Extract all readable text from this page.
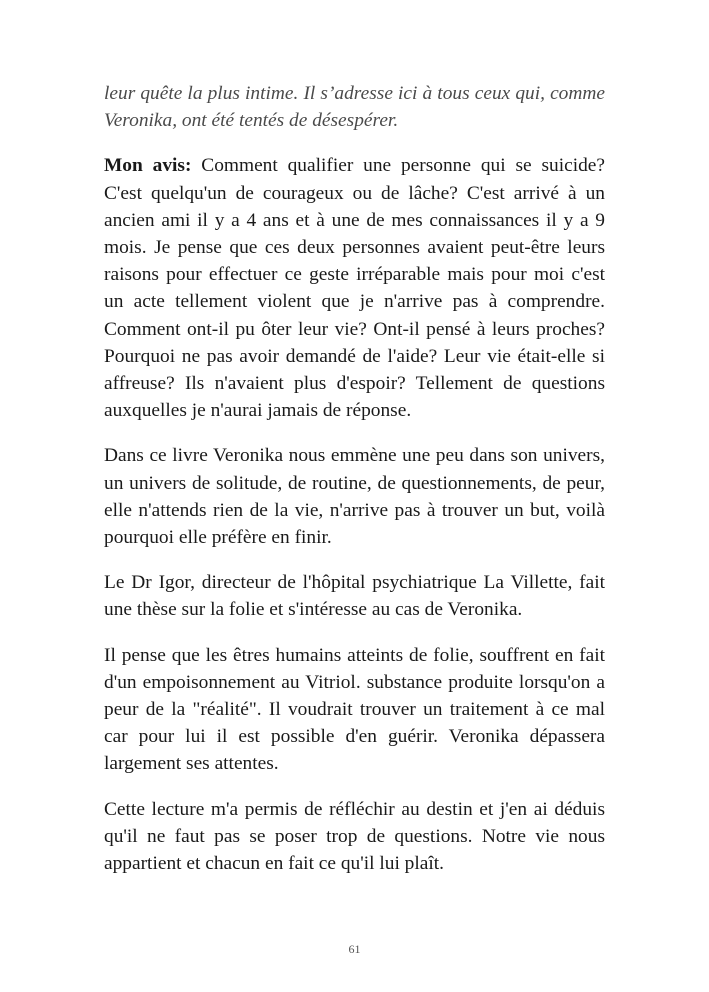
leur quête la plus intime. Il s’adresse ici à tous ceux qui, comme Veronika, ont été tentés de désespérer.

Mon avis: Comment qualifier une personne qui se suicide? C'est quelqu'un de courageux ou de lâche? C'est arrivé à un ancien ami il y a 4 ans et à une de mes connaissances il y a 9 mois. Je pense que ces deux personnes avaient peut-être leurs raisons pour effectuer ce geste irréparable mais pour moi c'est un acte tellement violent que je n'arrive pas à comprendre. Comment ont-il pu ôter leur vie? Ont-il pensé à leurs proches? Pourquoi ne pas avoir demandé de l'aide? Leur vie était-elle si affreuse? Ils n'avaient plus d'espoir? Tellement de questions auxquelles je n'aurai jamais de réponse.

Dans ce livre Veronika nous emmène une peu dans son univers, un univers de solitude, de routine, de questionnements, de peur, elle n'attends rien de la vie, n'arrive pas à trouver un but, voilà pourquoi elle préfère en finir.

Le Dr Igor, directeur de l'hôpital psychiatrique La Villette, fait une thèse sur la folie et s'intéresse au cas de Veronika.

Il pense que les êtres humains atteints de folie, souffrent en fait d'un empoisonnement au Vitriol. substance produite lorsqu'on a peur de la "réalité". Il voudrait trouver un traitement à ce mal car pour lui il est possible d'en guérir. Veronika dépassera largement ses attentes.

Cette lecture m'a permis de réfléchir au destin et j'en ai déduis qu'il ne faut pas se poser trop de questions. Notre vie nous appartient et chacun en fait ce qu'il lui plaît.

61
